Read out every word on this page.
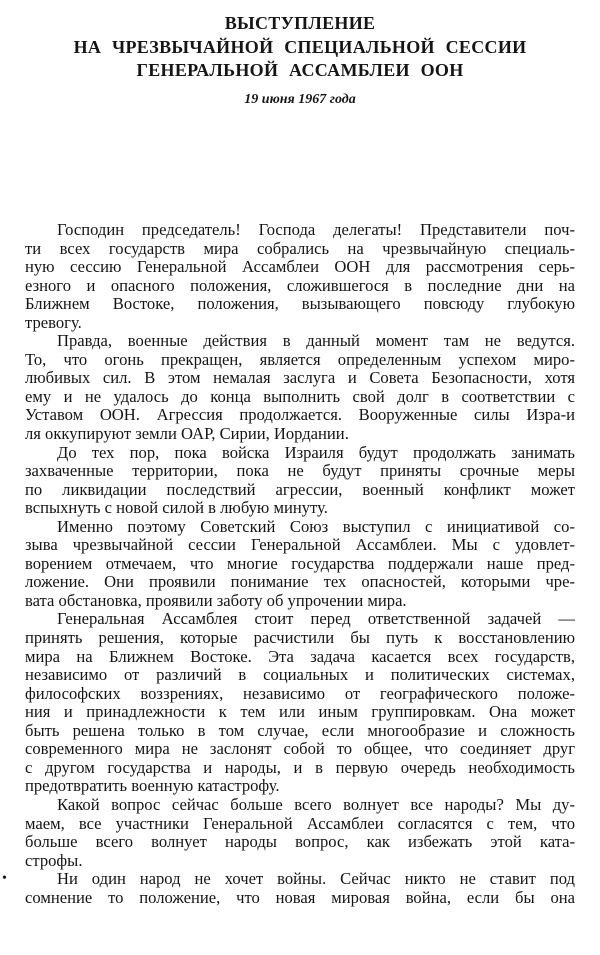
ВЫСТУПЛЕНИЕ
НА ЧРЕЗВЫЧАЙНОЙ СПЕЦИАЛЬНОЙ СЕССИИ
ГЕНЕРАЛЬНОЙ АССАМБЛЕИ ООН
19 июня 1967 года
Господин председатель! Господа делегаты! Представители поч-
ти всех государств мира собрались на чрезвычайную специаль-
ную сессию Генеральной Ассамблеи ООН для рассмотрения серь-
езного и опасного положения, сложившегося в последние дни на
Ближнем Востоке, положения, вызывающего повсюду глубокую
тревогу.
Правда, военные действия в данный момент там не ведутся.
То, что огонь прекращен, является определенным успехом миро-
любивых сил. В этом немалая заслуга и Совета Безопасности, хотя
ему и не удалось до конца выполнить свой долг в соответствии с
Уставом ООН. Агрессия продолжается. Вооруженные силы Изра-и
ля оккупируют земли ОАР, Сирии, Иордании.
До тех пор, пока войска Израиля будут продолжать занимать
захваченные территории, пока не будут приняты срочные меры
по ликвидации последствий агрессии, военный конфликт может
вспыхнуть с новой силой в любую минуту.
Именно поэтому Советский Союз выступил с инициативой со-
зыва чрезвычайной сессии Генеральной Ассамблеи. Мы с удовлет-
ворением отмечаем, что многие государства поддержали наше пред-
ложение. Они проявили понимание тех опасностей, которыми чре-
вата обстановка, проявили заботу об упрочении мира.
Генеральная Ассамблея стоит перед ответственной задачей —
принять решения, которые расчистили бы путь к восстановлению
мира на Ближнем Востоке. Эта задача касается всех государств,
независимо от различий в социальных и политических системах,
философских воззрениях, независимо от географического положе-
ния и принадлежности к тем или иным группировкам. Она может
быть решена только в том случае, если многообразие и сложность
современного мира не заслонят собой то общее, что соединяет друг
с другом государства и народы, и в первую очередь необходимость
предотвратить военную катастрофу.
Какой вопрос сейчас больше всего волнует все народы? Мы ду-
маем, все участники Генеральной Ассамблеи согласятся с тем, что
больше всего волнует народы вопрос, как избежать этой ката-
строфы.
•	Ни один народ не хочет войны. Сейчас никто не ставит под
сомнение то положение, что новая мировая война, если бы она
